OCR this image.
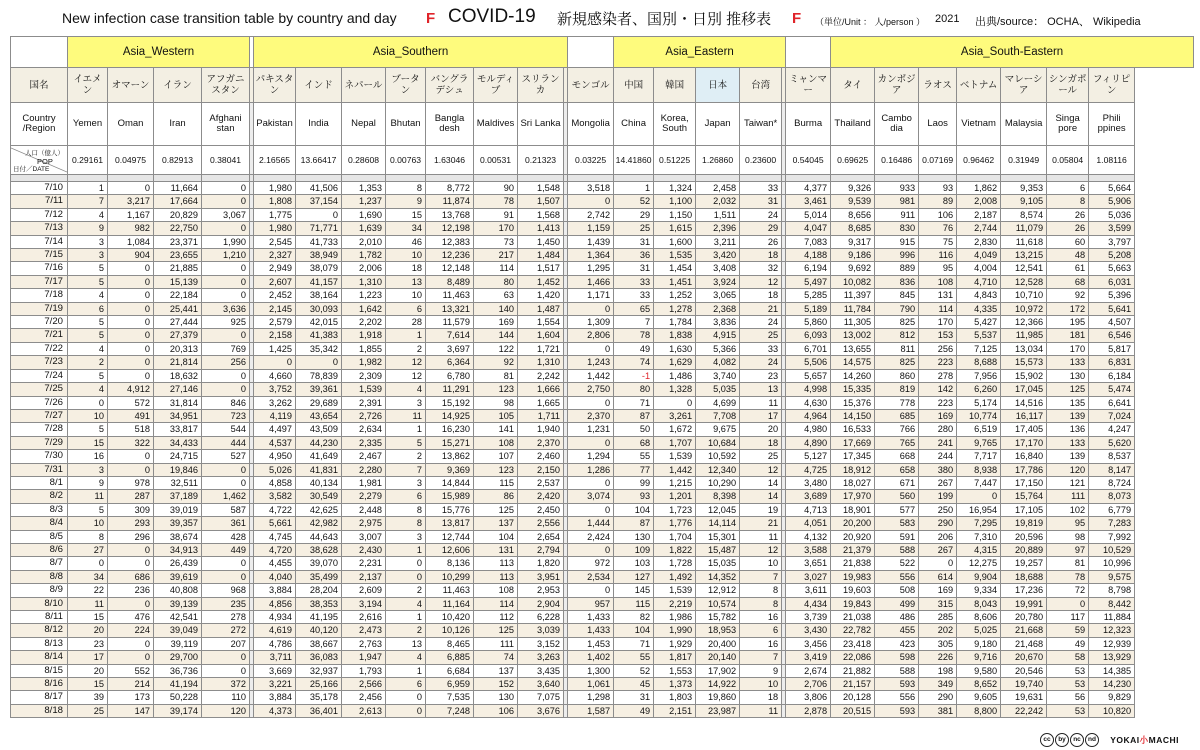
New infection case transition table by country and day F COVID-19 新規感染者、国別・日別 推移表 F （単位/Unit ： 人/person ） 2021 出典/source： OCHA、 Wikipedia
	Asia_Western					Asia_Southern									Asia_Eastern						Asia_South-Eastern						
国名	イエメン	オマーン	イラン	アフガニスタン		パキスタン	インド	ネパール	ブータン	バングラデシュ	モルディブ	スリランカ		モンゴル	中国	韓国	日本	台湾		ミャンマー	タイ	カンボジア	ラオス	ベトナム	マレーシア	シンガポール	フィリピン
Country /Region	Yemen	Oman	Iran	Afghani stan		Pakistan	India	Nepal	Bhutan	Bangla desh	Maldives	Sri Lanka		Mongolia	China	Korea, South	Japan	Taiwan*		Burma	Thailand	Cambo dia	Laos	Vietnam	Malaysia	Singa pore	Phili ppines

人口（億人）
POP
日付／DATE	0.29161	0.04975	0.82913	0.38041		2.16565	13.66417	0.28608	0.00763	1.63046	0.00531	0.21323		0.03225	14.41860	0.51225	1.26860	0.23600		0.54045	0.69625	0.16486	0.07169	0.96462	0.31949	0.05804	1.08116

7/10	1	0	11,664	0		1,980	41,506	1,353	8	8,772	90	1,548		3,518	1	1,324	2,458	33		4,377	9,326	933	93	1,862	9,353	6	5,664
7/11	7	3,217	17,664	0		1,808	37,154	1,237	9	11,874	78	1,507		0	52	1,100	2,032	31		3,461	9,539	981	89	2,008	9,105	8	5,906
7/12	4	1,167	20,829	3,067		1,775	0	1,690	15	13,768	91	1,568		2,742	29	1,150	1,511	24		5,014	8,656	911	106	2,187	8,574	26	5,036
7/13	9	982	22,750	0		1,980	71,771	1,639	34	12,198	170	1,413		1,159	25	1,615	2,396	29		4,047	8,685	830	76	2,744	11,079	26	3,599
7/14	3	1,084	23,371	1,990		2,545	41,733	2,010	46	12,383	73	1,450		1,439	31	1,600	3,211	26		7,083	9,317	915	75	2,830	11,618	60	3,797
7/15	3	904	23,655	1,210		2,327	38,949	1,782	10	12,236	217	1,484		1,364	36	1,535	3,420	18		4,188	9,186	996	116	4,049	13,215	48	5,208
7/16	5	0	21,885	0		2,949	38,079	2,006	18	12,148	114	1,517		1,295	31	1,454	3,408	32		6,194	9,692	889	95	4,004	12,541	61	5,663
7/17	5	0	15,139	0		2,607	41,157	1,310	13	8,489	80	1,452		1,466	33	1,451	3,924	12		5,497	10,082	836	108	4,710	12,528	68	6,031
7/18	4	0	22,184	0		2,452	38,164	1,223	10	11,463	63	1,420		1,171	33	1,252	3,065	18		5,285	11,397	845	131	4,843	10,710	92	5,396
7/19	6	0	25,441	3,636		2,145	30,093	1,642	6	13,321	140	1,487		0	65	1,278	2,368	21		5,189	11,784	790	114	4,335	10,972	172	5,641
7/20	5	0	27,444	925		2,579	42,015	2,202	28	11,579	169	1,554		1,309	7	1,784	3,836	24		5,860	11,305	825	170	5,427	12,366	195	4,507
7/21	5	0	27,379	0		2,158	41,383	1,918	1	7,614	144	1,604		2,806	78	1,838	4,915	25		6,093	13,002	812	153	5,537	11,985	181	6,546
7/22	4	0	20,313	769		1,425	35,342	1,855	2	3,697	122	1,721		0	49	1,630	5,366	33		6,701	13,655	811	256	7,125	13,034	170	5,817
7/23	2	0	21,814	256		0	0	1,982	12	6,364	92	1,310		1,243	74	1,629	4,082	24		5,506	14,575	825	223	8,688	15,573	133	6,831
7/24	5	0	18,632	0		4,660	78,839	2,309	12	6,780	81	2,242		1,442	-1	1,486	3,740	23		5,657	14,260	860	278	7,956	15,902	130	6,184
7/25	4	4,912	27,146	0		3,752	39,361	1,539	4	11,291	123	1,666		2,750	80	1,328	5,035	13		4,998	15,335	819	142	6,260	17,045	125	5,474
7/26	0	572	31,814	846		3,262	29,689	2,391	3	15,192	98	1,665		0	71	0	4,699	11		4,630	15,376	778	223	5,174	14,516	135	6,641
7/27	10	491	34,951	723		4,119	43,654	2,726	11	14,925	105	1,711		2,370	87	3,261	7,708	17		4,964	14,150	685	169	10,774	16,117	139	7,024
7/28	5	518	33,817	544		4,497	43,509	2,634	1	16,230	141	1,940		1,231	50	1,672	9,675	20		4,980	16,533	766	280	6,519	17,405	136	4,247
7/29	15	322	34,433	444		4,537	44,230	2,335	5	15,271	108	2,370		0	68	1,707	10,684	18		4,890	17,669	765	241	9,765	17,170	133	5,620
7/30	16	0	24,715	527		4,950	41,649	2,467	2	13,862	107	2,460		1,294	55	1,539	10,592	25		5,127	17,345	668	244	7,717	16,840	139	8,537
7/31	3	0	19,846	0		5,026	41,831	2,280	7	9,369	123	2,150		1,286	77	1,442	12,340	12		4,725	18,912	658	380	8,938	17,786	120	8,147
8/1	9	978	32,511	0		4,858	40,134	1,981	3	14,844	115	2,537		0	99	1,215	10,290	14		3,480	18,027	671	267	7,447	17,150	121	8,724
8/2	11	287	37,189	1,462		3,582	30,549	2,279	6	15,989	86	2,420		3,074	93	1,201	8,398	14		3,689	17,970	560	199	0	15,764	111	8,073
8/3	5	309	39,019	587		4,722	42,625	2,448	8	15,776	125	2,450		0	104	1,723	12,045	19		4,713	18,901	577	250	16,954	17,105	102	6,779
8/4	10	293	39,357	361		5,661	42,982	2,975	8	13,817	137	2,556		1,444	87	1,776	14,114	21		4,051	20,200	583	290	7,295	19,819	95	7,283
8/5	8	296	38,674	428		4,745	44,643	3,007	3	12,744	104	2,654		2,424	130	1,704	15,301	11		4,132	20,920	591	206	7,310	20,596	98	7,992
8/6	27	0	34,913	449		4,720	38,628	2,430	1	12,606	131	2,794		0	109	1,822	15,487	12		3,588	21,379	588	267	4,315	20,889	97	10,529
8/7	0	0	26,439	0		4,455	39,070	2,231	0	8,136	113	1,820		972	103	1,728	15,035	10		3,651	21,838	522	0	12,275	19,257	81	10,996
8/8	34	686	39,619	0		4,040	35,499	2,137	0	10,299	113	3,951		2,534	127	1,492	14,352	7		3,027	19,983	556	614	9,904	18,688	78	9,575
8/9	22	236	40,808	968		3,884	28,204	2,609	2	11,463	108	2,953		0	145	1,539	12,912	8		3,611	19,603	508	169	9,334	17,236	72	8,798
8/10	11	0	39,139	235		4,856	38,353	3,194	4	11,164	114	2,904		957	115	2,219	10,574	8		4,434	19,843	499	315	8,043	19,991	0	8,442
8/11	15	476	42,541	278		4,934	41,195	2,616	1	10,420	112	6,228		1,433	82	1,986	15,782	16		3,739	21,038	486	285	8,606	20,780	117	11,884
8/12	20	224	39,049	272		4,619	40,120	2,473	2	10,126	125	3,039		1,433	104	1,990	18,953	6		3,430	22,782	455	202	5,025	21,668	59	12,323
8/13	23	0	39,119	207		4,786	38,667	2,763	13	8,465	111	3,152		1,453	71	1,929	20,400	16		3,456	23,418	423	305	9,180	21,468	49	12,939
8/14	17	0	29,700	0		3,711	36,083	1,947	4	6,885	74	3,263		1,402	55	1,817	20,140	7		3,419	22,086	598	226	9,716	20,670	58	13,929
8/15	20	552	36,736	0		3,669	32,937	1,793	1	6,684	137	3,435		1,300	52	1,553	17,902	9		2,674	21,882	588	198	9,580	20,546	53	14,385
8/16	15	214	41,194	372		3,221	25,166	2,566	6	6,959	152	3,640		1,061	45	1,373	14,922	10		2,706	21,157	593	349	8,652	19,740	53	14,230
8/17	39	173	50,228	110		3,884	35,178	2,456	0	7,535	130	7,075		1,298	31	1,803	19,860	18		3,806	20,128	556	290	9,605	19,631	56	9,829
8/18	25	147	39,174	120		4,373	36,401	2,613	0	7,248	106	3,676		1,587	49	2,151	23,987	11		2,878	20,515	593	381	8,800	22,242	53	10,820
cc by nc nd YOKAI小MACHI
